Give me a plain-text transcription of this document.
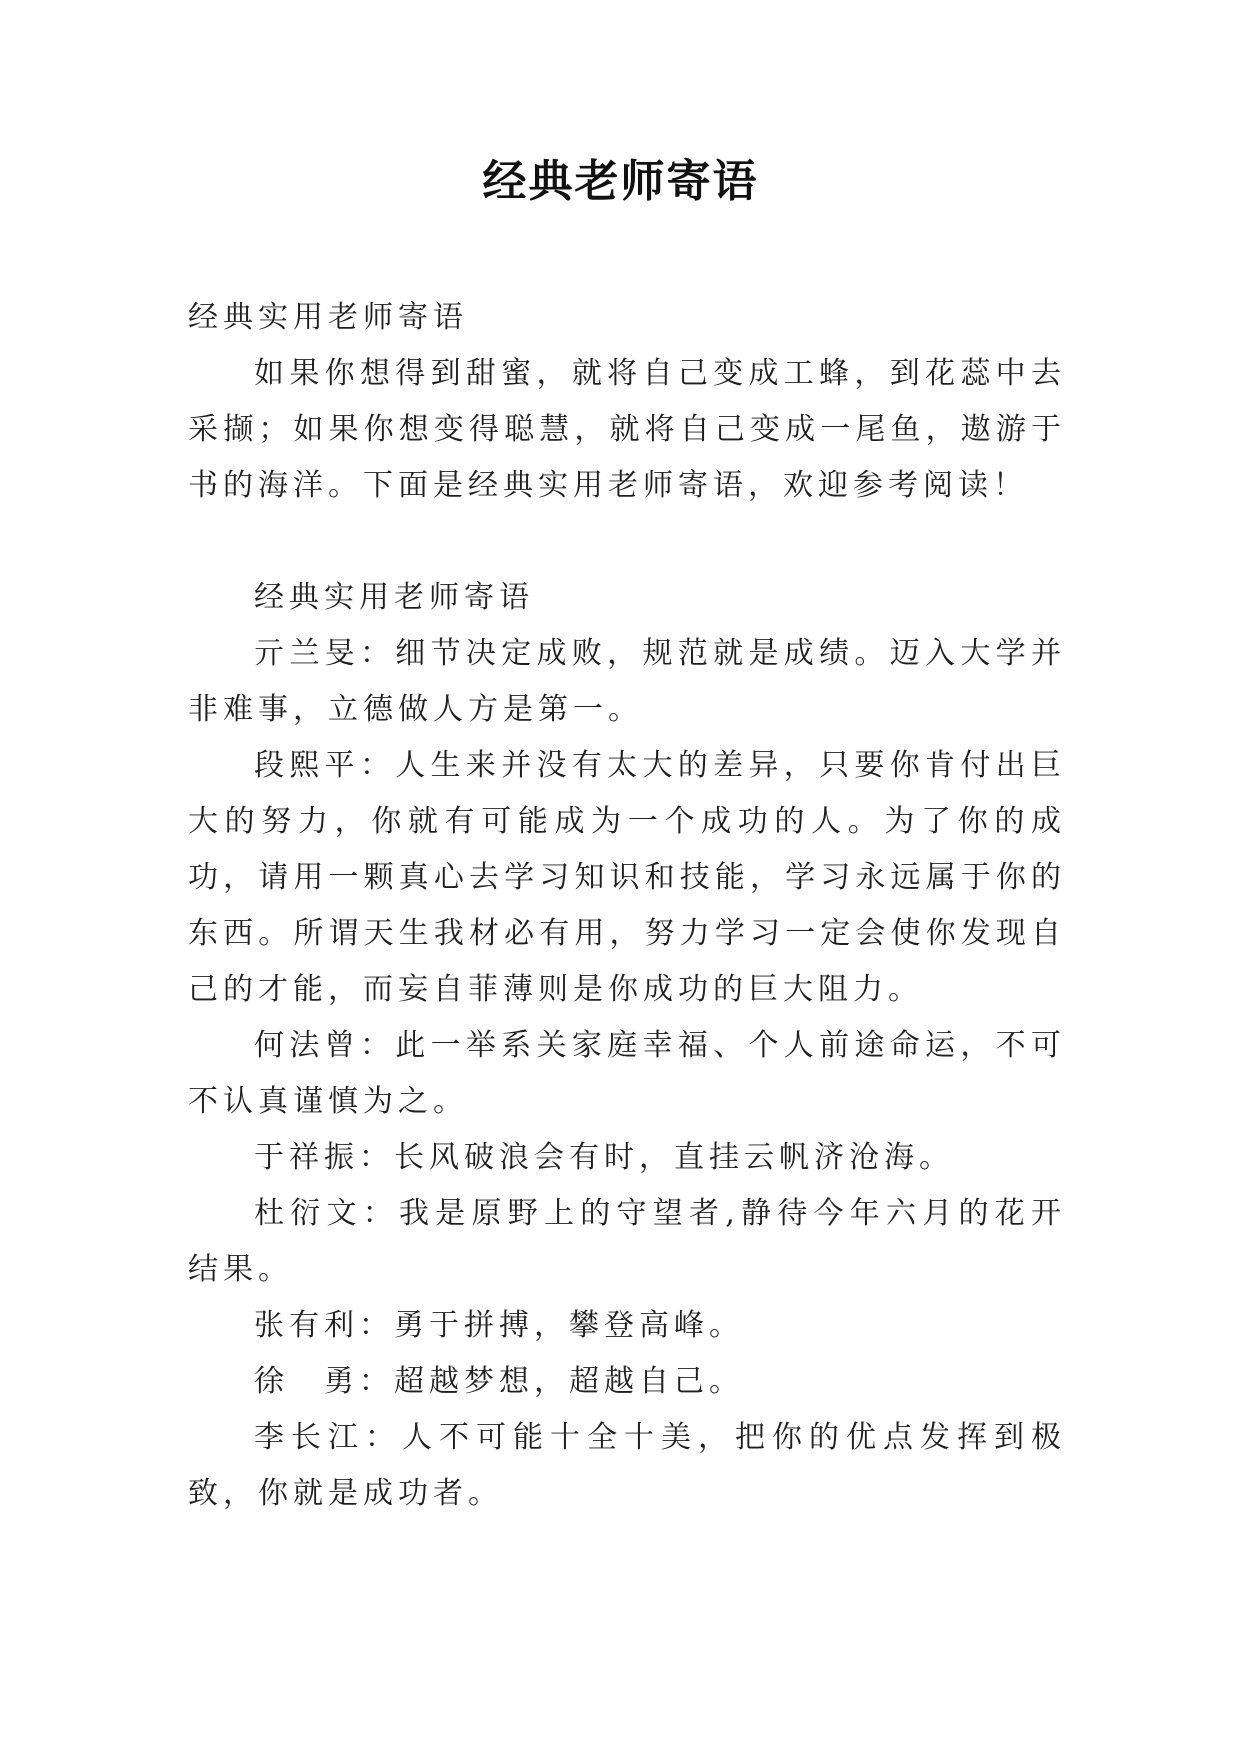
经典老师寄语

经典实用老师寄语

如果你想得到甜蜜，就将自己变成工蜂，到花蕊中去采撷；如果你想变得聪慧，就将自己变成一尾鱼，遨游于书的海洋。下面是经典实用老师寄语，欢迎参考阅读！

经典实用老师寄语

亓兰旻：细节决定成败，规范就是成绩。迈入大学并非难事，立德做人方是第一。

段熙平：人生来并没有太大的差异，只要你肯付出巨大的努力，你就有可能成为一个成功的人。为了你的成功，请用一颗真心去学习知识和技能，学习永远属于你的东西。所谓天生我材必有用，努力学习一定会使你发现自己的才能，而妄自菲薄则是你成功的巨大阻力。

何法曾：此一举系关家庭幸福、个人前途命运，不可不认真谨慎为之。

于祥振：长风破浪会有时，直挂云帆济沧海。

杜衍文：我是原野上的守望者,静待今年六月的花开结果。

张有利：勇于拼搏，攀登高峰。

徐　勇：超越梦想，超越自己。

李长江：人不可能十全十美，把你的优点发挥到极致，你就是成功者。
